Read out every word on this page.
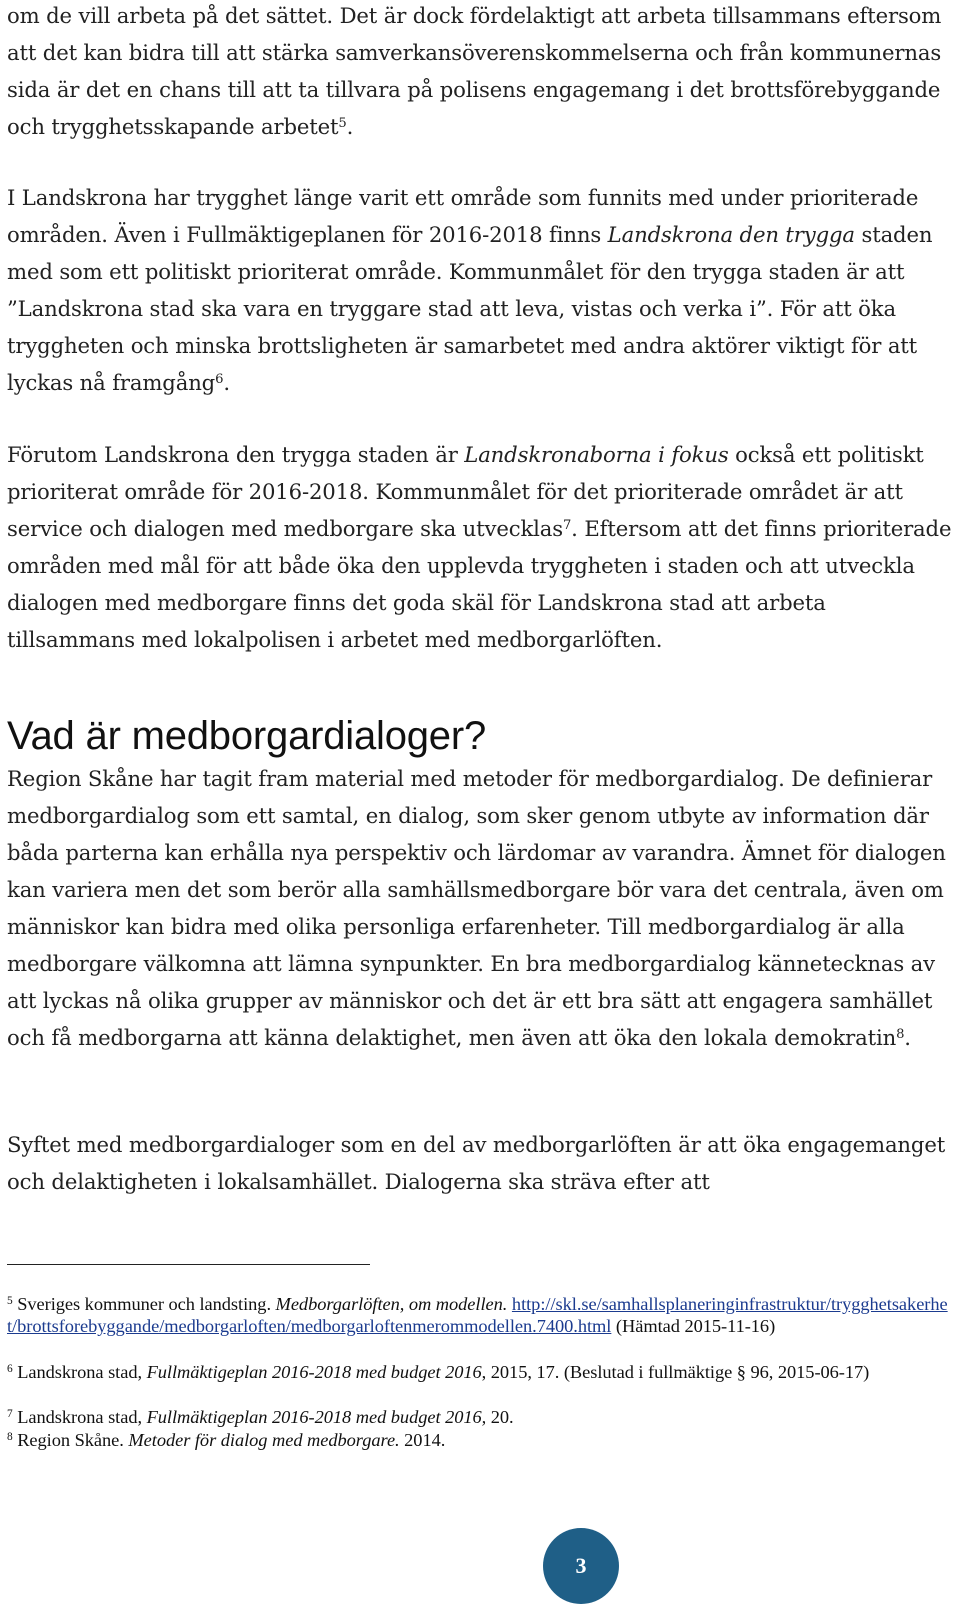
om de vill arbeta på det sättet. Det är dock fördelaktigt att arbeta tillsammans eftersom att det kan bidra till att stärka samverkansöverenskommelserna och från kommunernas sida är det en chans till att ta tillvara på polisens engagemang i det brottsförebyggande och trygghetsskapande arbetet$^5$.

I Landskrona har trygghet länge varit ett område som funnits med under prioriterade områden. Även i Fullmäktigeplanen för 2016-2018 finns Landskrona den trygga staden med som ett politiskt prioriterat område. Kommunmålet för den trygga staden är att ”Landskrona stad ska vara en tryggare stad att leva, vistas och verka i”. För att öka tryggheten och minska brottsligheten är samarbetet med andra aktörer viktigt för att lyckas nå framgång$^6$.

Förutom Landskrona den trygga staden är Landskronaborna i fokus också ett politiskt prioriterat område för 2016-2018. Kommunmålet för det prioriterade området är att service och dialogen med medborgare ska utvecklas$^7$. Eftersom att det finns prioriterade områden med mål för att både öka den upplevda tryggheten i staden och att utveckla dialogen med medborgare finns det goda skäl för Landskrona stad att arbeta tillsammans med lokalpolisen i arbetet med medborgarlöften.

Vad är medborgardialoger?

Region Skåne har tagit fram material med metoder för medborgardialog. De definierar medborgardialog som ett samtal, en dialog, som sker genom utbyte av information där båda parterna kan erhålla nya perspektiv och lärdomar av varandra. Ämnet för dialogen kan variera men det som berör alla samhällsmedborgare bör vara det centrala, även om människor kan bidra med olika personliga erfarenheter. Till medborgardialog är alla medborgare välkomna att lämna synpunkter. En bra medborgardialog kännetecknas av att lyckas nå olika grupper av människor och det är ett bra sätt att engagera samhället och få medborgarna att känna delaktighet, men även att öka den lokala demokratin$^8$.

Syftet med medborgardialoger som en del av medborgarlöften är att öka engagemanget och delaktigheten i lokalsamhället. Dialogerna ska sträva efter att

$^5$ Sveriges kommuner och landsting. Medborgarlöften, om modellen. http://skl.se/samhallsplaneringinfrastruktur/trygghetsakerhet/brottsforebyggande/medborgarloften/medborgarloftenmerommodellen.7400.html (Hämtad 2015-11-16)

$^6$ Landskrona stad, Fullmäktigeplan 2016-2018 med budget 2016, 2015, 17. (Beslutad i fullmäktige § 96, 2015-06-17)

$^7$ Landskrona stad, Fullmäktigeplan 2016-2018 med budget 2016, 20.

$^8$ Region Skåne. Metoder för dialog med medborgare. 2014.

3
